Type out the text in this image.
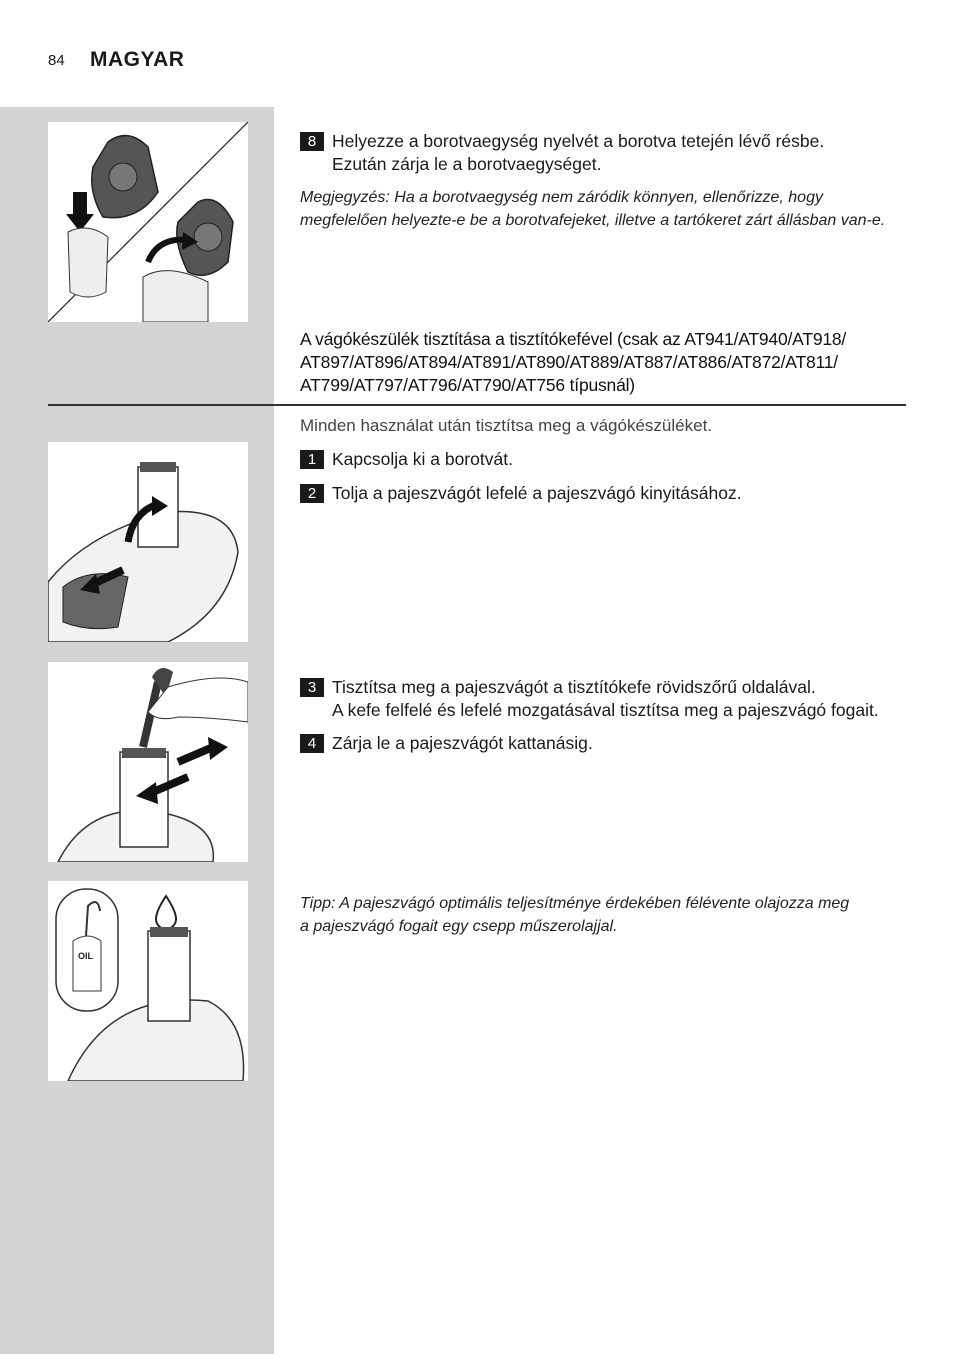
84 MAGYAR
8 Helyezze a borotvaegység nyelvét a borotva tetején lévő résbe.
Ezután zárja le a borotvaegységet.
Megjegyzés: Ha a borotvaegység nem záródik könnyen, ellenőrizze, hogy
megfelelően helyezte-e be a borotvafejeket, illetve a tartókeret zárt állásban van-e.
A vágókészülék tisztítása a tisztítókefével (csak az AT941/AT940/AT918/
AT897/AT896/AT894/AT891/AT890/AT889/AT887/AT886/AT872/AT811/
AT799/AT797/AT796/AT790/AT756 típusnál)
Minden használat után tisztítsa meg a vágókészüléket.
1 Kapcsolja ki a borotvát.
2 Tolja a pajeszvágót lefelé a pajeszvágó kinyitásához.
3 Tisztítsa meg a pajeszvágót a tisztítókefe rövidszőrű oldalával.
A kefe felfelé és lefelé mozgatásával tisztítsa meg a pajeszvágó fogait.
4 Zárja le a pajeszvágót kattanásig.
OIL
Tipp: A pajeszvágó optimális teljesítménye érdekében félévente olajozza meg
a pajeszvágó fogait egy csepp műszerolajjal.
